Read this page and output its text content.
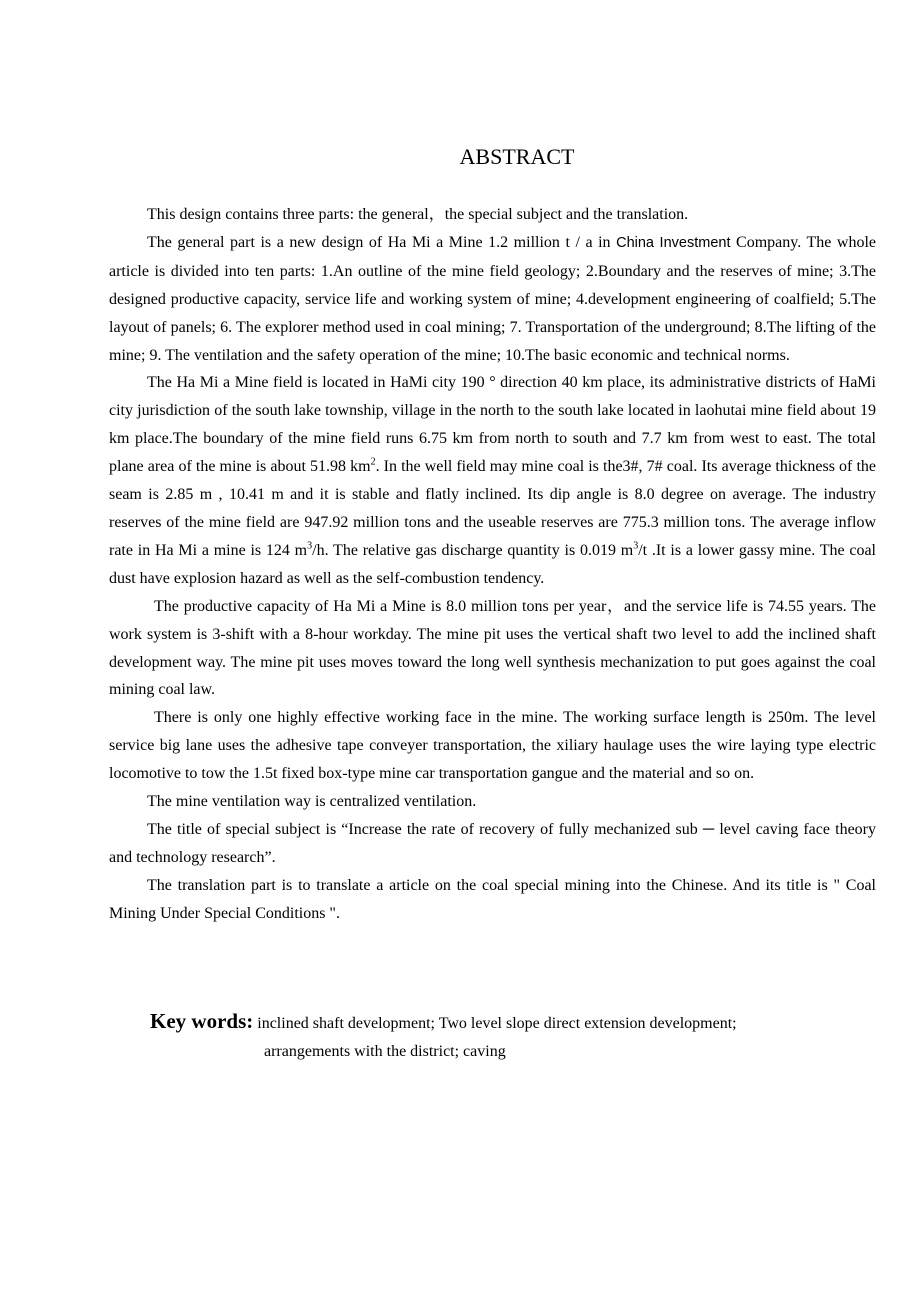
ABSTRACT

This design contains three parts: the general，the special subject and the translation.

The general part is a new design of Ha Mi a Mine 1.2 million t / a in China Investment Company. The whole article is divided into ten parts: 1.An outline of the mine field geology; 2.Boundary and the reserves of mine; 3.The designed productive capacity, service life and working system of mine; 4.development engineering of coalfield; 5.The layout of panels; 6. The explorer method used in coal mining; 7. Transportation of the underground; 8.The lifting of the mine; 9. The ventilation and the safety operation of the mine; 10.The basic economic and technical norms.

The Ha Mi a Mine field is located in HaMi city 190 ° direction 40 km place, its administrative districts of HaMi city jurisdiction of the south lake township, village in the north to the south lake located in laohutai mine field about 19 km place.The boundary of the mine field runs 6.75 km from north to south and 7.7 km from west to east. The total plane area of the mine is about 51.98 $km^2$. In the well field may mine coal is the3#, 7# coal. Its average thickness of the seam is 2.85 m , 10.41 m and it is stable and flatly inclined. Its dip angle is 8.0 degree on average. The industry reserves of the mine field are 947.92 million tons and the useable reserves are 775.3 million tons. The average inflow rate in Ha Mi a mine is 124 $m^3/h$. The relative gas discharge quantity is 0.019 $m^3/t$ .It is a lower gassy mine. The coal dust have explosion hazard as well as the self-combustion tendency.

The productive capacity of Ha Mi a Mine is 8.0 million tons per year，and the service life is 74.55 years. The work system is 3-shift with a 8-hour workday. The mine pit uses the vertical shaft two level to add the inclined shaft development way. The mine pit uses moves toward the long well synthesis mechanization to put goes against the coal mining coal law.

There is only one highly effective working face in the mine. The working surface length is 250m. The level service big lane uses the adhesive tape conveyer transportation, the xiliary haulage uses the wire laying type electric locomotive to tow the 1.5t fixed box-type mine car transportation gangue and the material and so on.

The mine ventilation way is centralized ventilation.

The title of special subject is “Increase the rate of recovery of fully mechanized sub ─ level caving face theory and technology research”.

The translation part is to translate a article on the coal special mining into the Chinese. And its title is " Coal Mining Under Special Conditions ".

Key words: inclined shaft development; Two level slope direct extension development;
arrangements with the district; caving
